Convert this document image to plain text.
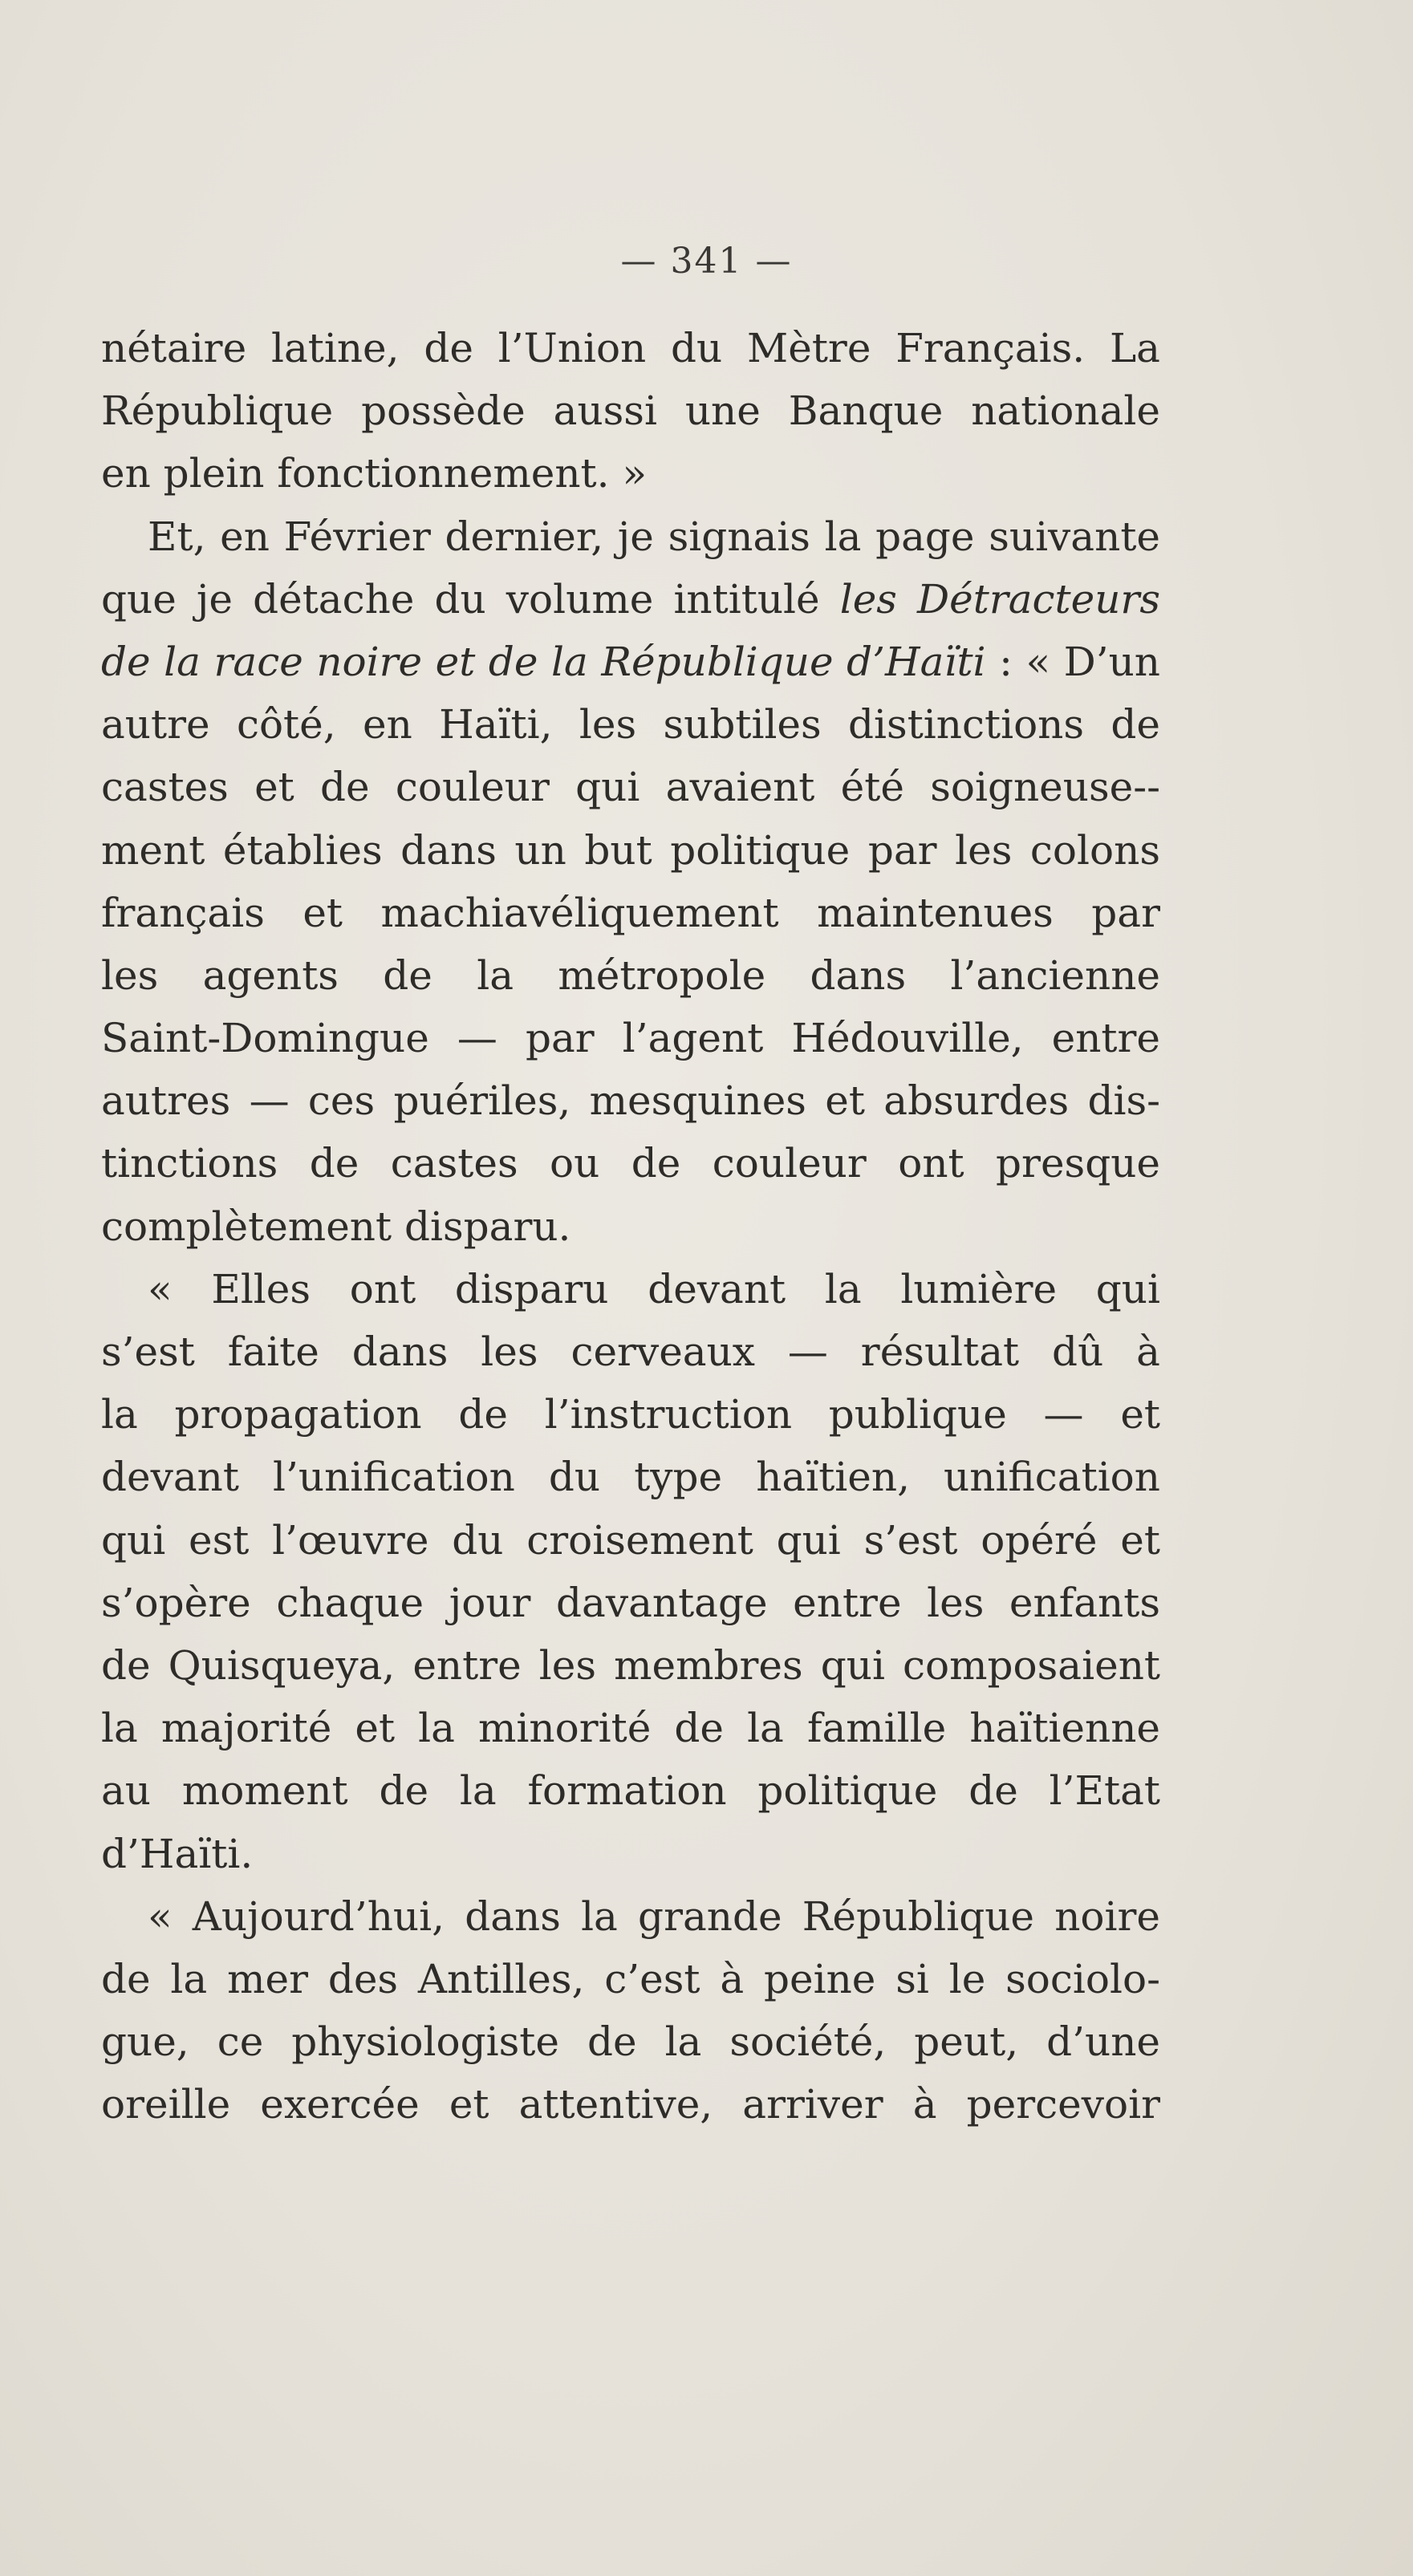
— 341 —
nétaire latine, de l’Union du Mètre Français. La
République possède aussi une Banque nationale
en plein fonctionnement. »
Et, en Février dernier, je signais la page suivante
que je détache du volume intitulé les Détracteurs
de la race noire et de la République d’Haïti : « D’un
autre côté, en Haïti, les subtiles distinctions de
castes et de couleur qui avaient été soigneuse--
ment établies dans un but politique par les colons
français et machiavéliquement maintenues par
les agents de la métropole dans l’ancienne
Saint-Domingue — par l’agent Hédouville, entre
autres — ces puériles, mesquines et absurdes dis-
tinctions de castes ou de couleur ont presque
complètement disparu.
« Elles ont disparu devant la lumière qui
s’est faite dans les cerveaux — résultat dû à
la propagation de l’instruction publique — et
devant l’unification du type haïtien, unification
qui est l’œuvre du croisement qui s’est opéré et
s’opère chaque jour davantage entre les enfants
de Quisqueya, entre les membres qui composaient
la majorité et la minorité de la famille haïtienne
au moment de la formation politique de l’Etat
d’Haïti.
« Aujourd’hui, dans la grande République noire
de la mer des Antilles, c’est à peine si le sociolo-
gue, ce physiologiste de la société, peut, d’une
oreille exercée et attentive, arriver à percevoir
